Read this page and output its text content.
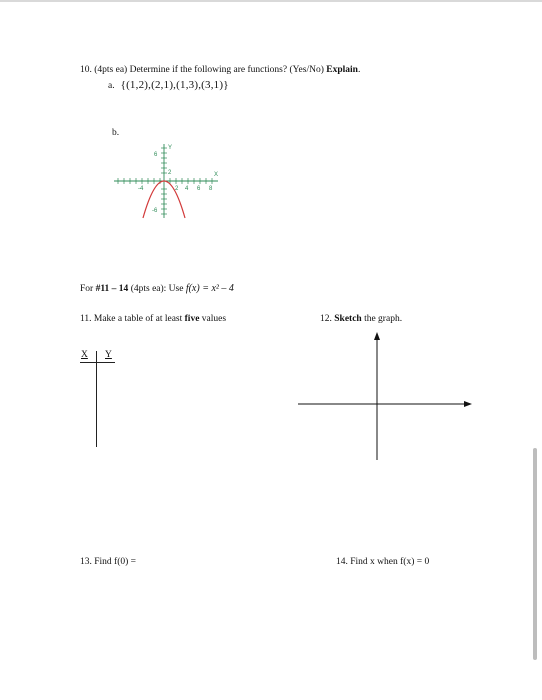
10. (4pts ea) Determine if the following are functions? (Yes/No) Explain.
a. {(1,2),(2,1),(1,3),(3,1)}
b.
Y
X
6
2
-6
-4	2 4 6 8
For #11 – 14 (4pts ea): Use f(x) = x² – 4
11. Make a table of at least five values	12. Sketch the graph.
X Y
13. Find f(0) =	14. Find x when f(x) = 0
